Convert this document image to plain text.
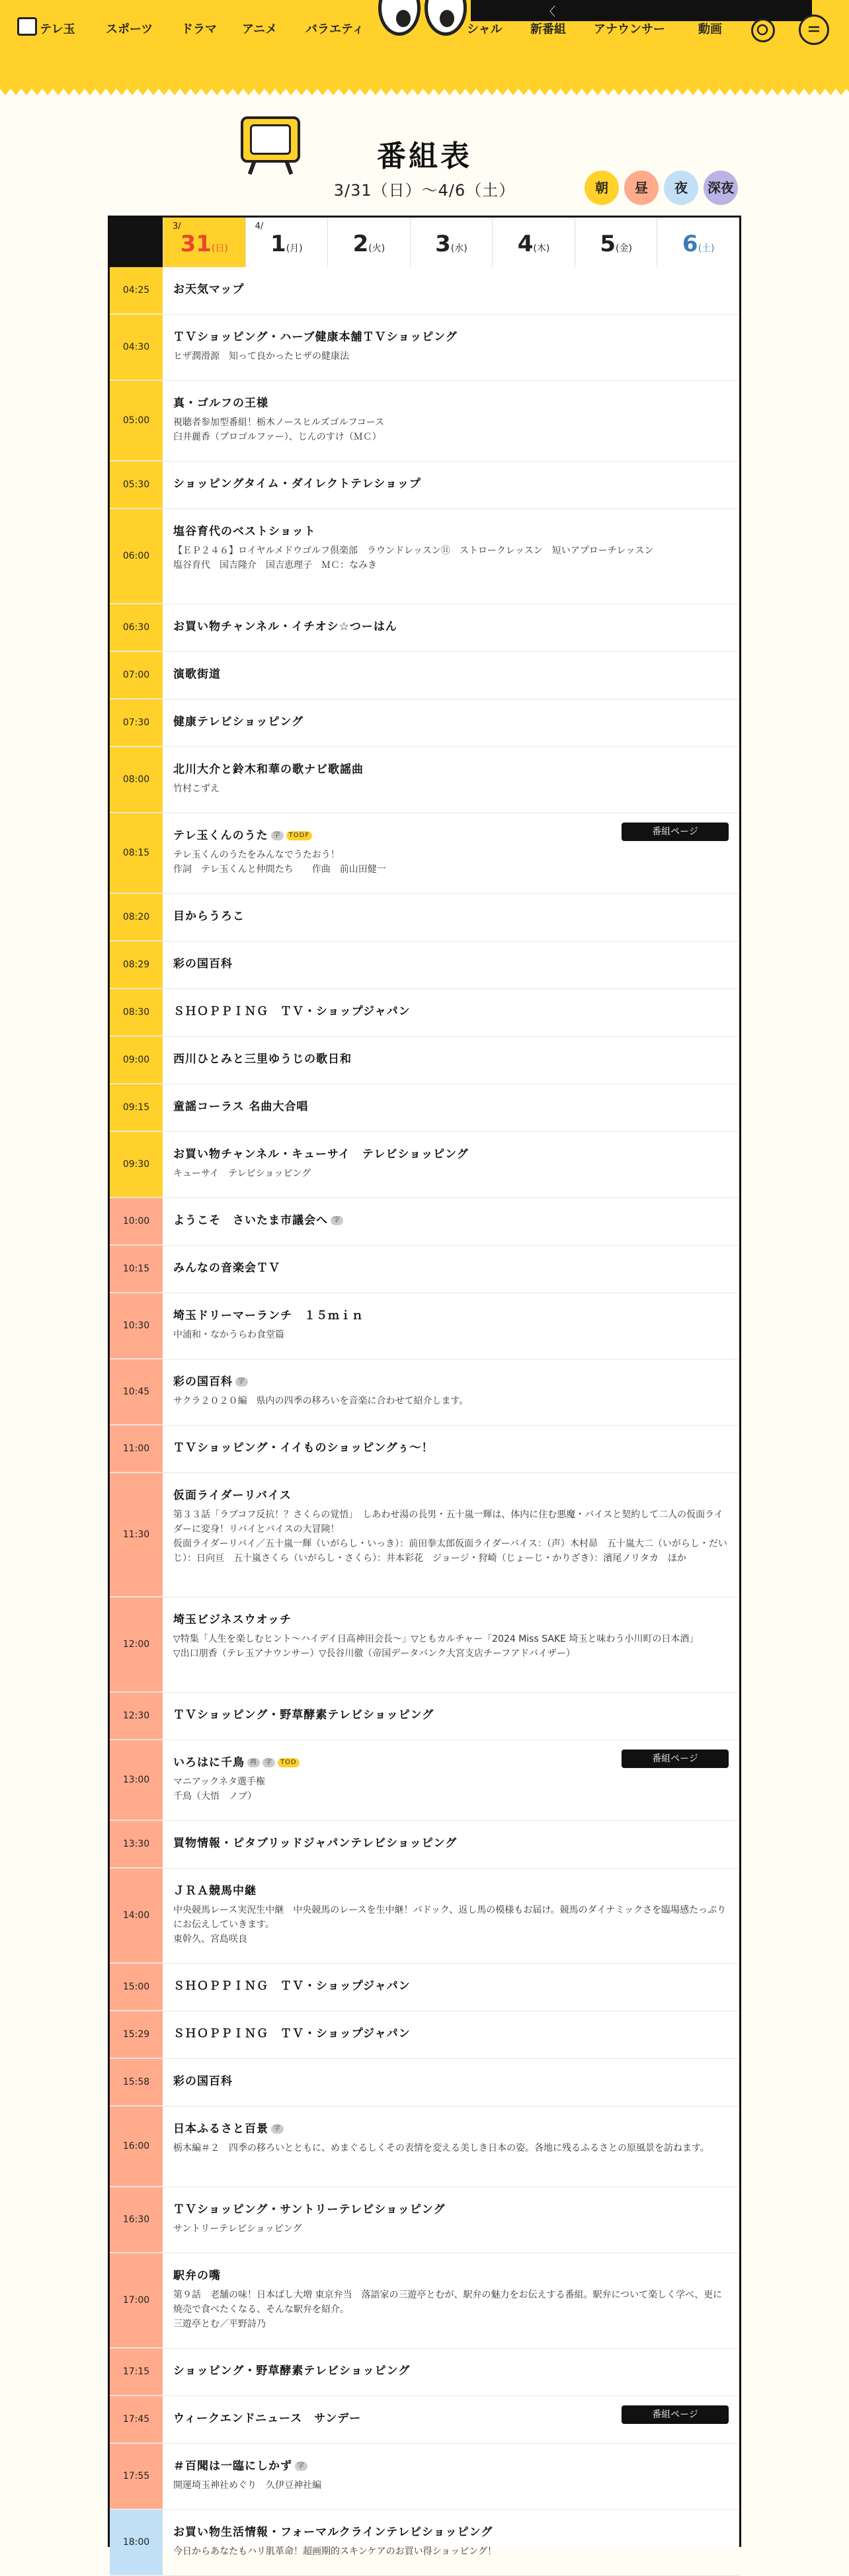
テレ玉	スポーツ ドラマ アニメ バラエティ	シャル 新番組 アナウンサー	動画
〈
番組表
3/31（日）〜4/6（土）	朝	昼	夜	深夜
3/
31(日)
4/
1(月)	2(火)	3(水)	4(木)	5(金)	6(土)
04:25	お天気マップ
04:30
ＴＶショッピング・ハーブ健康本舗ＴＶショッピング
ヒザ潤滑源　知って良かったヒザの健康法
05:00
真・ゴルフの王様
視聴者参加型番組！栃木ノースヒルズゴルフコース
臼井麗香（プロゴルファー）、じんのすけ（ＭＣ）
05:30	ショッピングタイム・ダイレクトテレショップ
06:00
塩谷育代のベストショット
【ＥＰ２４６】ロイヤルメドウゴルフ倶楽部　ラウンドレッスン⑪　ストロークレッスン　短いアプローチレッスン
塩谷育代　国吉隆介　国吉恵理子　ＭＣ：なみき
06:30	お買い物チャンネル・イチオシ☆つーはん
07:00	演歌街道
07:30	健康テレビショッピング
08:00
北川大介と鈴木和華の歌ナビ歌謡曲
竹村こずえ
08:15
テレ玉くんのうた 字 TODF
テレ玉くんのうたをみんなでうたおう！
作詞　テレ玉くんと仲間たち　　作曲　前山田健一
番組ページ
08:20	目からうろこ
08:29	彩の国百科
08:30	ＳＨＯＰＰＩＮＧ　ＴＶ・ショップジャパン
09:00	西川ひとみと三里ゆうじの歌日和
09:15	童謡コーラス 名曲大合唱
09:30
お買い物チャンネル・キューサイ　テレビショッピング
キューサイ　テレビショッピング
10:00	ようこそ　さいたま市議会へ 字
10:15	みんなの音楽会ＴＶ
10:30
埼玉ドリーマーランチ　１５ｍｉｎ
中浦和・なかうらわ食堂篇
10:45
彩の国百科 字
サクラ２０２０編　県内の四季の移ろいを音楽に合わせて紹介します。
11:00	ＴＶショッピング・イイものショッピングぅ〜！
11:30
仮面ライダーリバイス
第３３話「ラブコフ反抗！？さくらの覚悟」　しあわせ湯の長男・五十嵐一輝は、体内に住む悪魔・バイスと契約して二人の仮面ライダーに変身！リバイとバイスの大冒険！
仮面ライダーリバイ／五十嵐一輝（いがらし・いっき）：前田拳太郎仮面ライダーバイス：（声）木村昴　五十嵐大二（いがらし・だいじ）：日向亘　五十嵐さくら（いがらし・さくら）：井本彩花　ジョージ・狩崎（じょーじ・かりざき）：濱尾ノリタカ　ほか
12:00
埼玉ビジネスウオッチ
▽特集「人生を楽しむヒント〜ハイデイ日高神田会長〜」▽ともカルチャー「2024 Miss SAKE 埼玉と味わう小川町の日本酒」
▽出口朋香（テレ玉アナウンサー）▽長谷川徹（帝国データバンク大宮支店チーフアドバイザー）
12:30	ＴＶショッピング・野草酵素テレビショッピング
13:00
いろはに千鳥 再 字 TOD
マニアックネタ選手権
千鳥（大悟　ノブ）
番組ページ
13:30	買物情報・ピタブリッドジャパンテレビショッピング
14:00
ＪＲＡ競馬中継
中央競馬レース実況生中継　中央競馬のレースを生中継！パドック、返し馬の模様もお届け。競馬のダイナミックさを臨場感たっぷりにお伝えしていきます。
東幹久、宮島咲良
15:00	ＳＨＯＰＰＩＮＧ　ＴＶ・ショップジャパン
15:29	ＳＨＯＰＰＩＮＧ　ＴＶ・ショップジャパン
15:58	彩の国百科
16:00
日本ふるさと百景 字
栃木編＃２　四季の移ろいとともに、めまぐるしくその表情を変える美しき日本の姿。各地に残るふるさとの原風景を訪ねます。
16:30
ＴＶショッピング・サントリーテレビショッピング
サントリーテレビショッピング
17:00
駅弁の嘴
第９話　老舗の味！日本ばし大増 東京弁当　落語家の三遊亭とむが、駅弁の魅力をお伝えする番組。駅弁について楽しく学べ、更に焼売で食べたくなる、そんな駅弁を紹介。
三遊亭とむ／平野詩乃
17:15	ショッピング・野草酵素テレビショッピング
17:45	ウィークエンドニュース　サンデー	番組ページ
17:55
＃百聞は一臨にしかず 字
開運埼玉神社めぐり　久伊豆神社編
18:00
お買い物生活情報・フォーマルクラインテレビショッピング
今日からあなたもハリ肌革命！超画期的スキンケアのお買い得ショッピング！
